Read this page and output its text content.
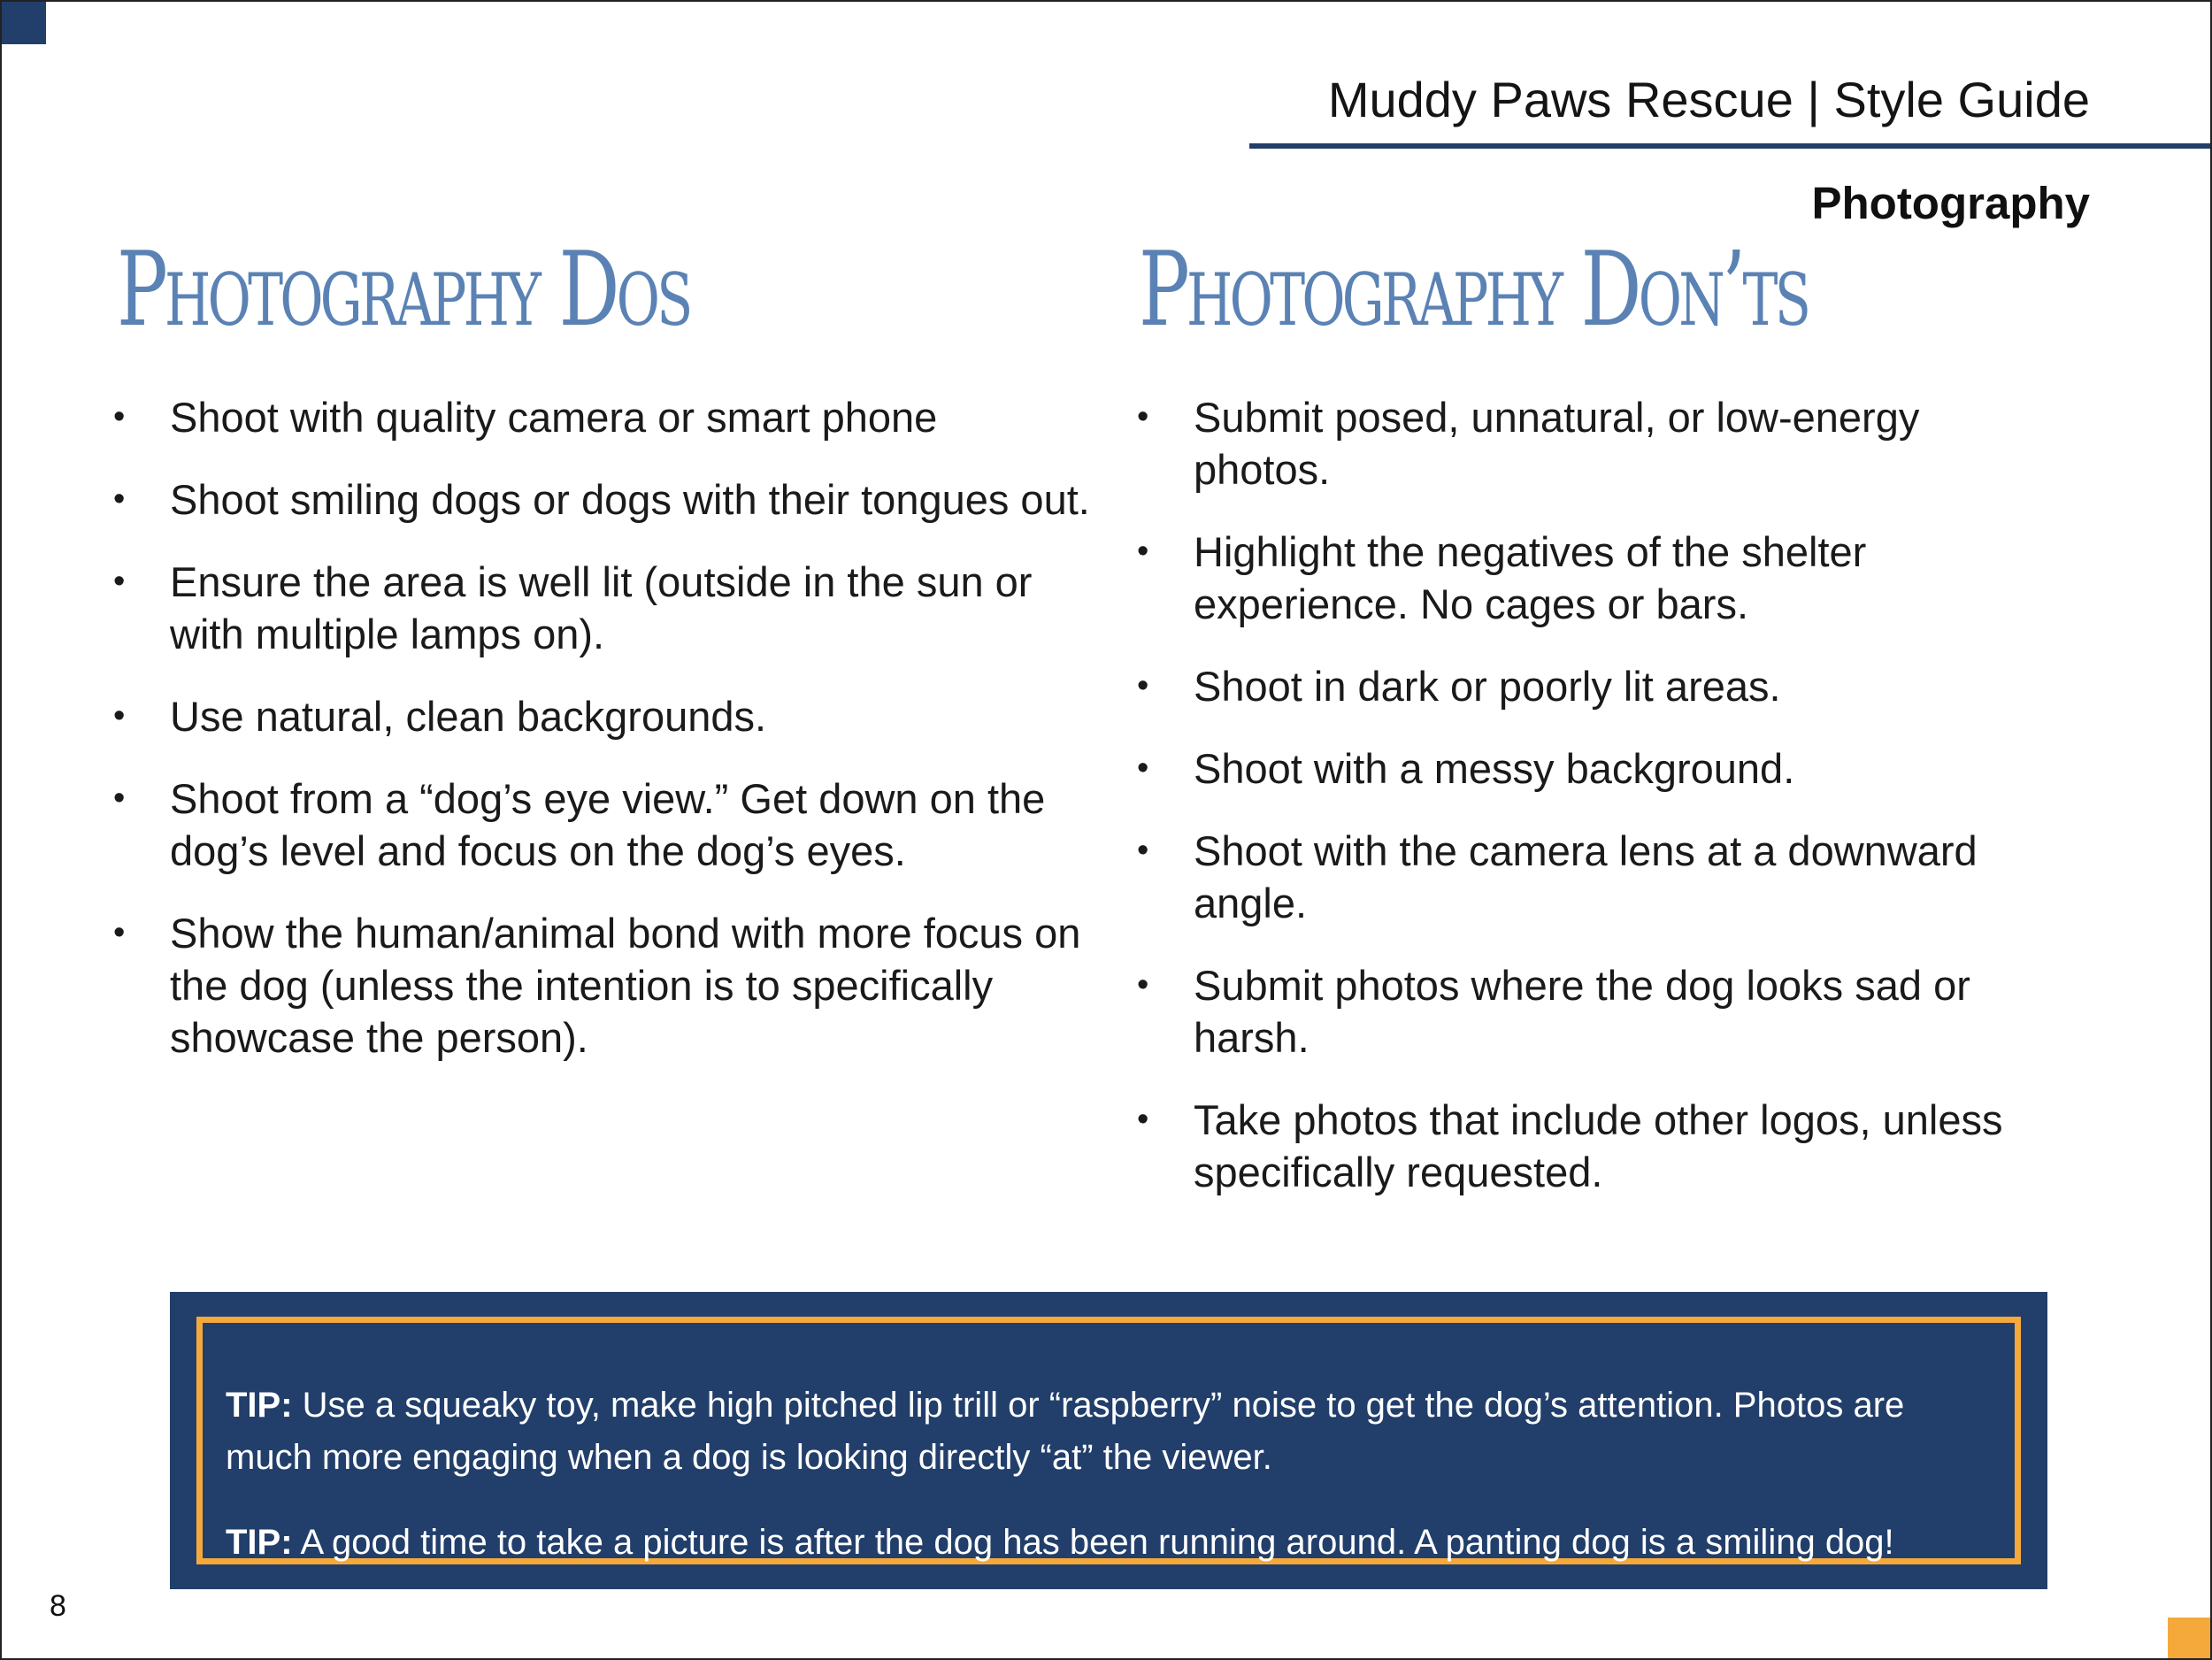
Muddy Paws Rescue | Style Guide
Photography
Photography Dos	Photography Don’ts
•	Shoot with quality camera or smart phone
•	Shoot smiling dogs or dogs with their tongues out.
•	Ensure the area is well lit (outside in the sun or with multiple lamps on).
•	Use natural, clean backgrounds.
•	Shoot from a “dog’s eye view.” Get down on the dog’s level and focus on the dog’s eyes.
•	Show the human/animal bond with more focus on the dog (unless the intention is to specifically showcase the person).
•	Submit posed, unnatural, or low-energy photos.
•	Highlight the negatives of the shelter experience. No cages or bars.
•	Shoot in dark or poorly lit areas.
•	Shoot with a messy background.
•	Shoot with the camera lens at a downward angle.
•	Submit photos where the dog looks sad or harsh.
•	Take photos that include other logos, unless specifically requested.

TIP: Use a squeaky toy, make high pitched lip trill or “raspberry” noise to get the dog’s attention. Photos are much more engaging when a dog is looking directly “at” the viewer.

TIP: A good time to take a picture is after the dog has been running around. A panting dog is a smiling dog!

8
